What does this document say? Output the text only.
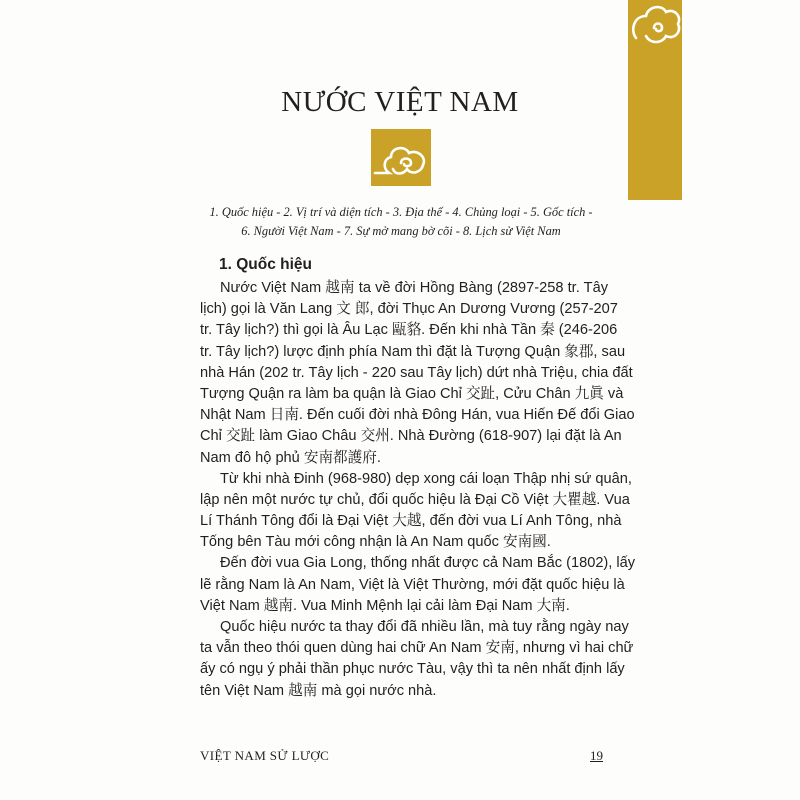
NƯỚC VIỆT NAM
1. Quốc hiệu - 2. Vị trí và diện tích - 3. Địa thế - 4. Chủng loại - 5. Gốc tích -
6. Người Việt Nam - 7. Sự mở mang bờ cõi - 8. Lịch sử Việt Nam
1. Quốc hiệu
Nước Việt Nam 越南 ta về đời Hồng Bàng (2897-258 tr. Tây
lịch) gọi là Văn Lang 文 郎, đời Thục An Dương Vương (257-207
tr. Tây lịch?) thì gọi là Âu Lạc 甌貉. Đến khi nhà Tần 秦 (246-206
tr. Tây lịch?) lược định phía Nam thì đặt là Tượng Quận 象郡, sau
nhà Hán (202 tr. Tây lịch - 220 sau Tây lịch) dứt nhà Triệu, chia đất
Tượng Quận ra làm ba quận là Giao Chỉ 交趾, Cửu Chân 九眞 và
Nhật Nam 日南. Đến cuối đời nhà Đông Hán, vua Hiến Đế đổi Giao
Chỉ 交趾 làm Giao Châu 交州. Nhà Đường (618-907) lại đặt là An
Nam đô hộ phủ 安南都護府.
Từ khi nhà Đinh (968-980) dẹp xong cái loạn Thập nhị sứ quân,
lập nên một nước tự chủ, đổi quốc hiệu là Đại Cồ Việt 大瞿越. Vua
Lí Thánh Tông đổi là Đại Việt 大越, đến đời vua Lí Anh Tông, nhà
Tống bên Tàu mới công nhận là An Nam quốc 安南國.
Đến đời vua Gia Long, thống nhất được cả Nam Bắc (1802), lấy
lẽ rằng Nam là An Nam, Việt là Việt Thường, mới đặt quốc hiệu là
Việt Nam 越南. Vua Minh Mệnh lại cải làm Đại Nam 大南.
Quốc hiệu nước ta thay đổi đã nhiều lần, mà tuy rằng ngày nay
ta vẫn theo thói quen dùng hai chữ An Nam 安南, nhưng vì hai chữ
ấy có ngụ ý phải thần phục nước Tàu, vậy thì ta nên nhất định lấy
tên Việt Nam 越南 mà gọi nước nhà.
VIỆT NAM SỬ LƯỢC	19
